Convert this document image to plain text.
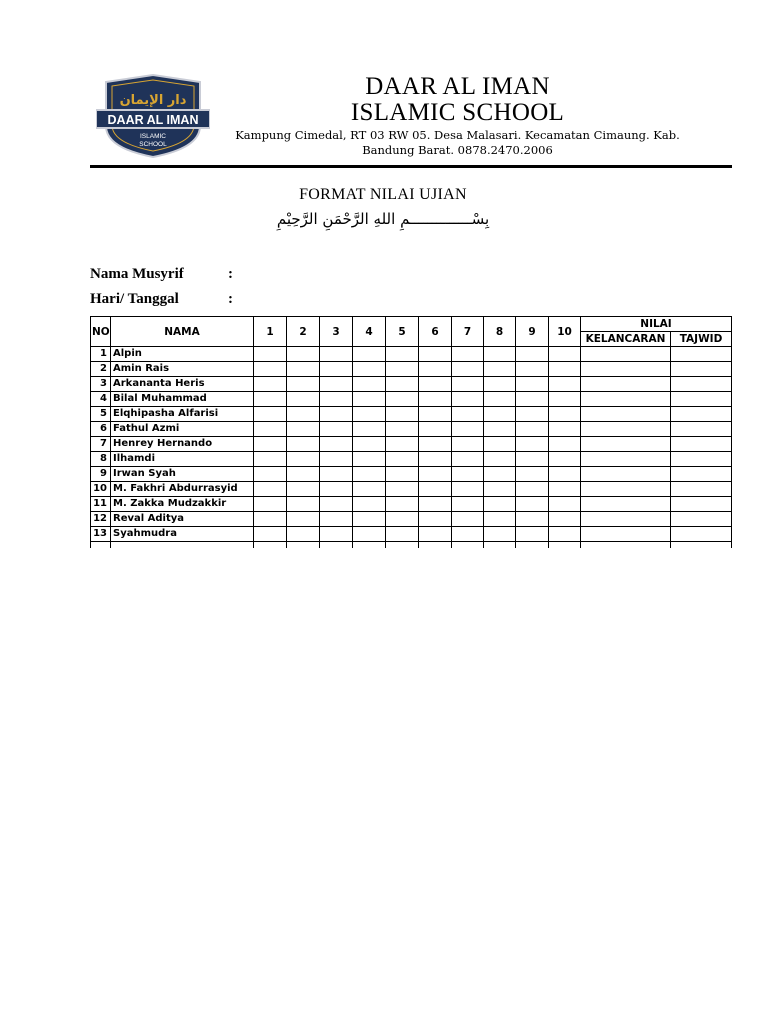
دار الإيمان
DAAR AL IMAN
ISLAMIC
SCHOOL
DAAR AL IMAN
ISLAMIC SCHOOL
Kampung Cimedal, RT 03 RW 05. Desa Malasari. Kecamatan Cimaung. Kab.
Bandung Barat. 0878.2470.2006
FORMAT NILAI UJIAN
بِسْــــــــــــــمِ اللهِ الرَّحْمَنِ الرَّحِيْمِ
Nama Musyrif	:
Hari/ Tanggal	:
NO	NAMA	1	2	3	4	5	6	7	8	9	10	NILAI	
												KELANCARAN	TAJWID
1	Alpin												
2	Amin Rais												
3	Arkananta Heris												
4	Bilal Muhammad												
5	Elqhipasha Alfarisi												
6	Fathul Azmi												
7	Henrey Hernando												
8	Ilhamdi												
9	Irwan Syah												
10	M. Fakhri Abdurrasyid												
11	M. Zakka Mudzakkir												
12	Reval Aditya												
13	Syahmudra												
